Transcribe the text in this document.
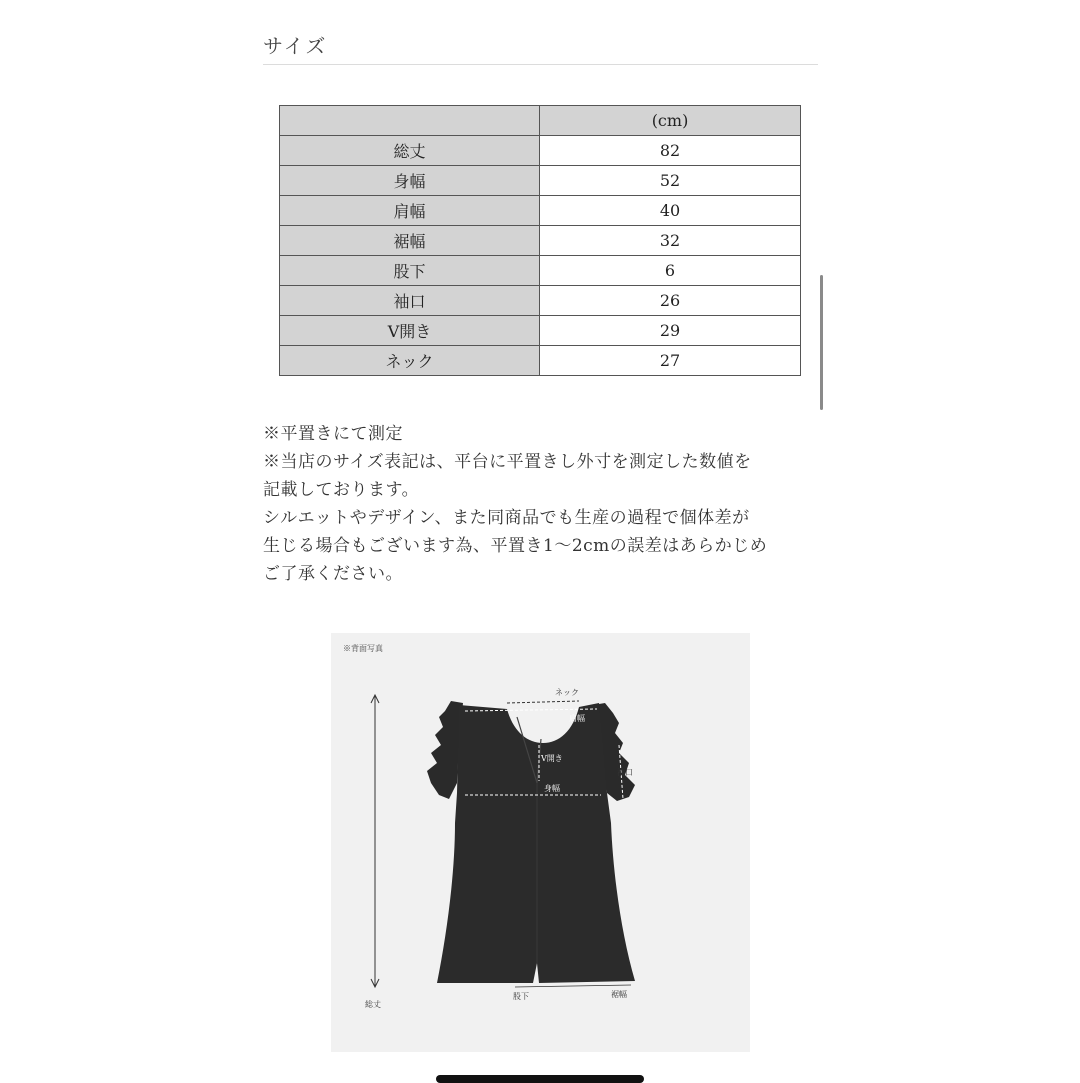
サイズ
	(cm)
総丈	82
身幅	52
肩幅	40
裾幅	32
股下	6
袖口	26
V開き	29
ネック	27

※平置きにて測定

※当店のサイズ表記は、平台に平置きし外寸を測定した数値を

記載しております。

シルエットやデザイン、また同商品でも生産の過程で個体差が

生じる場合もございます為、平置き1〜2cmの誤差はあらかじめ

ご了承ください。

※背面写真
ネック
肩幅
V開き
身幅
袖口
総丈
股下	裾幅
